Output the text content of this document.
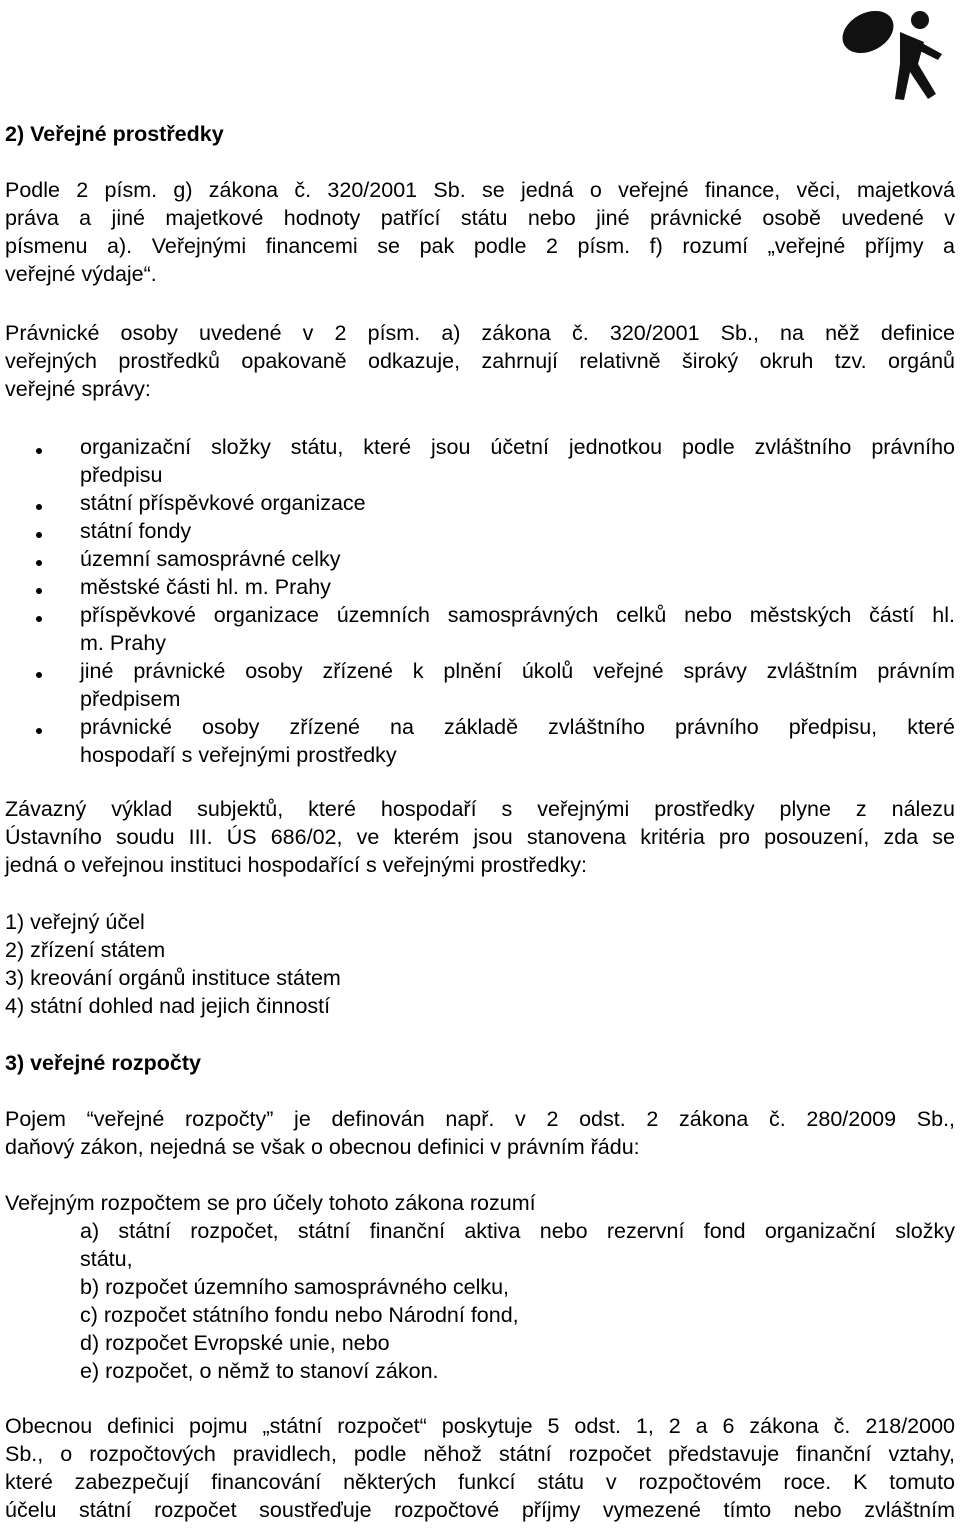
2) Veřejné prostředky
Podle 2 písm. g) zákona č. 320/2001 Sb. se jedná o veřejné finance, věci, majetková
práva a jiné majetkové hodnoty patřící státu nebo jiné právnické osobě uvedené v
písmenu a). Veřejnými financemi se pak podle 2 písm. f) rozumí „veřejné příjmy a
veřejné výdaje“.
Právnické osoby uvedené v 2 písm. a) zákona č. 320/2001 Sb., na něž definice
veřejných prostředků opakovaně odkazuje, zahrnují relativně široký okruh tzv. orgánů
veřejné správy:
organizační složky státu, které jsou účetní jednotkou podle zvláštního právního
předpisu
státní příspěvkové organizace
státní fondy
územní samosprávné celky
městské části hl. m. Prahy
příspěvkové organizace územních samosprávných celků nebo městských částí hl.
m. Prahy
jiné právnické osoby zřízené k plnění úkolů veřejné správy zvláštním právním
předpisem
právnické osoby zřízené na základě zvláštního právního předpisu, které
hospodaří s veřejnými prostředky
Závazný výklad subjektů, které hospodaří s veřejnými prostředky plyne z nálezu
Ústavního soudu III. ÚS 686/02, ve kterém jsou stanovena kritéria pro posouzení, zda se
jedná o veřejnou instituci hospodařící s veřejnými prostředky:
1) veřejný účel
2) zřízení státem
3) kreování orgánů instituce státem
4) státní dohled nad jejich činností
3) veřejné rozpočty
Pojem “veřejné rozpočty” je definován např. v 2 odst. 2 zákona č. 280/2009 Sb.,
daňový zákon, nejedná se však o obecnou definici v právním řádu:
Veřejným rozpočtem se pro účely tohoto zákona rozumí
a) státní rozpočet, státní finanční aktiva nebo rezervní fond organizační složky
státu,
b) rozpočet územního samosprávného celku,
c) rozpočet státního fondu nebo Národní fond,
d) rozpočet Evropské unie, nebo
e) rozpočet, o němž to stanoví zákon.
Obecnou definici pojmu „státní rozpočet“ poskytuje 5 odst. 1, 2 a 6 zákona č. 218/2000
Sb., o rozpočtových pravidlech, podle něhož státní rozpočet představuje finanční vztahy,
které zabezpečují financování některých funkcí státu v rozpočtovém roce. K tomuto
účelu státní rozpočet soustřeďuje rozpočtové příjmy vymezené tímto nebo zvláštním
